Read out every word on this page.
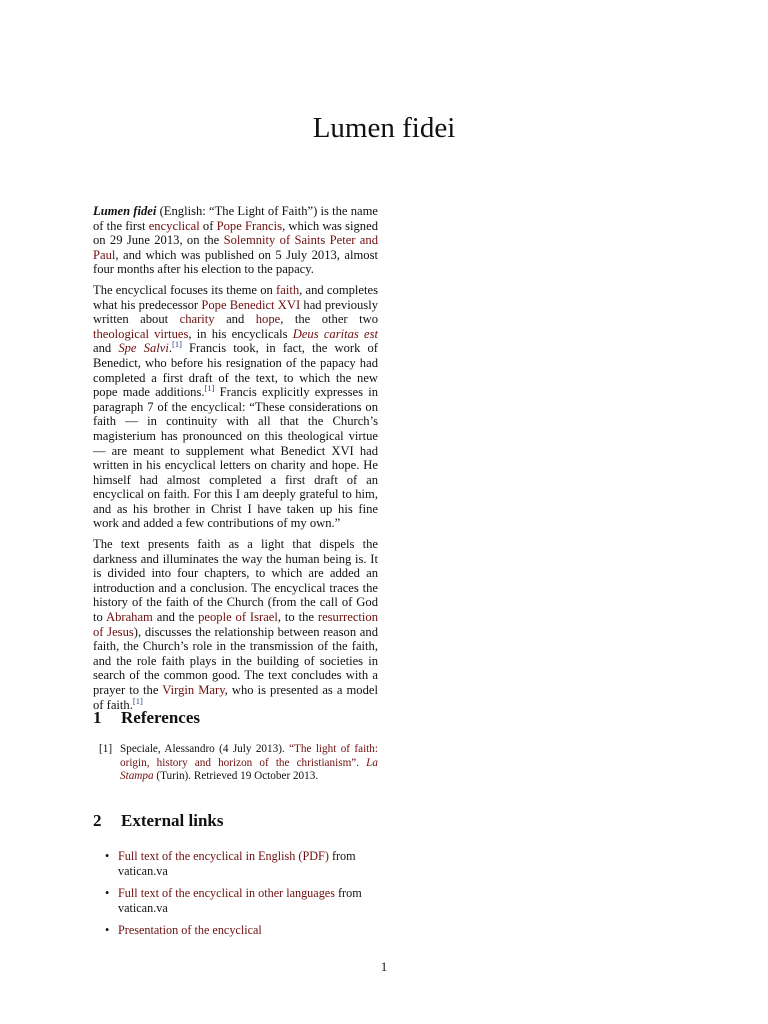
Lumen fidei

Lumen fidei (English: “The Light of Faith”) is the name of the first encyclical of Pope Francis, which was signed on 29 June 2013, on the Solemnity of Saints Peter and Paul, and which was published on 5 July 2013, almost four months after his election to the papacy.

The encyclical focuses its theme on faith, and completes what his predecessor Pope Benedict XVI had previously written about charity and hope, the other two theological virtues, in his encyclicals Deus caritas est and Spe Salvi.[1] Francis took, in fact, the work of Benedict, who before his resignation of the papacy had completed a first draft of the text, to which the new pope made additions.[1] Francis explicitly expresses in paragraph 7 of the encyclical: “These considerations on faith — in continuity with all that the Church’s magisterium has pronounced on this theological virtue — are meant to supplement what Benedict XVI had written in his encyclical letters on charity and hope. He himself had almost completed a first draft of an encyclical on faith. For this I am deeply grateful to him, and as his brother in Christ I have taken up his fine work and added a few contributions of my own.”

The text presents faith as a light that dispels the darkness and illuminates the way the human being is. It is divided into four chapters, to which are added an introduction and a conclusion. The encyclical traces the history of the faith of the Church (from the call of God to Abraham and the people of Israel, to the resurrection of Jesus), discusses the relationship between reason and faith, the Church’s role in the transmission of the faith, and the role faith plays in the building of societies in search of the common good. The text concludes with a prayer to the Virgin Mary, who is presented as a model of faith.[1]

1 References
[1] Speciale, Alessandro (4 July 2013). “The light of faith: origin, history and horizon of the christianism”. La Stampa (Turin). Retrieved 19 October 2013.
2 External links
• Full text of the encyclical in English (PDF) from vatican.va
• Full text of the encyclical in other languages from vatican.va
• Presentation of the encyclical
1
